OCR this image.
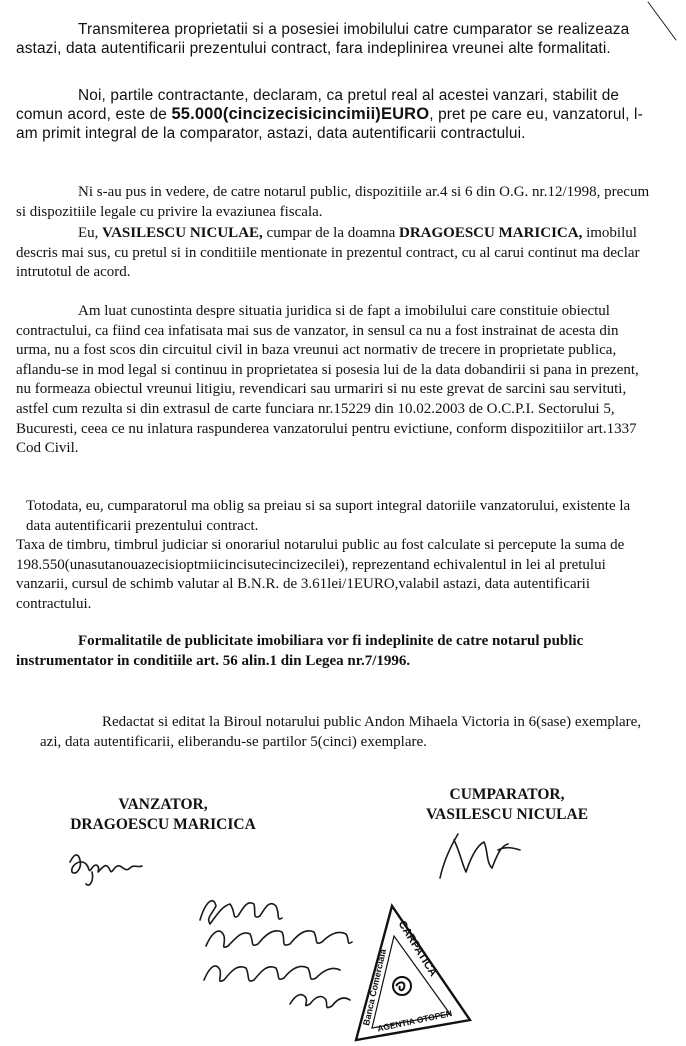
Transmiterea proprietatii si a posesiei imobilului catre cumparator se realizeaza astazi, data autentificarii prezentului contract, fara indeplinirea vreunei alte formalitati.

Noi, partile contractante, declaram, ca pretul real al acestei vanzari, stabilit de comun acord, este de 55.000(cincizecisicincimii)EURO, pret pe care eu, vanzatorul, l-am primit integral de la comparator, astazi, data autentificarii contractului.

Ni s-au pus in vedere, de catre notarul public, dispozitiile ar.4 si 6 din O.G. nr.12/1998, precum si dispozitiile legale cu privire la evaziunea fiscala.

Eu, VASILESCU NICULAE, cumpar de la doamna DRAGOESCU MARICICA, imobilul descris mai sus, cu pretul si in conditiile mentionate in prezentul contract, cu al carui continut ma declar intrutotul de acord.

Am luat cunostinta despre situatia juridica si de fapt a imobilului care constituie obiectul contractului, ca fiind cea infatisata mai sus de vanzator, in sensul ca nu a fost instrainat de acesta din urma, nu a fost scos din circuitul civil in baza vreunui act normativ de trecere in proprietate publica, aflandu-se in mod legal si continuu in proprietatea si posesia lui de la data dobandirii si pana in prezent, nu formeaza obiectul vreunui litigiu, revendicari sau urmariri si nu este grevat de sarcini sau servituti, astfel cum rezulta si din extrasul de carte funciara nr.15229 din 10.02.2003 de O.C.P.I. Sectorului 5, Bucuresti, ceea ce nu inlatura raspunderea vanzatorului pentru evictiune, conform dispozitiilor art.1337 Cod Civil.

Totodata, eu, cumparatorul ma oblig sa preiau si sa suport integral datoriile vanzatorului, existente la data autentificarii prezentului contract.

Taxa de timbru, timbrul judiciar si onorariul notarului public au fost calculate si percepute la suma de 198.550(unasutanouazecisioptmiicincisutecincizecilei), reprezentand echivalentul in lei al pretului vanzarii, cursul de schimb valutar al B.N.R. de 3.61lei/1EURO,valabil astazi, data autentificarii contractului.

Formalitatile de publicitate imobiliara vor fi indeplinite de catre notarul public instrumentator in conditiile art. 56 alin.1 din Legea nr.7/1996.

Redactat si editat la Biroul notarului public Andon Mihaela Victoria in 6(sase) exemplare, azi, data autentificarii, eliberandu-se partilor 5(cinci) exemplare.

VANZATOR,
DRAGOESCU MARICICA

CUMPARATOR,
VASILESCU NICULAE

Banca Comerciala
CARPATICA
AGENTIA OTOPEN
